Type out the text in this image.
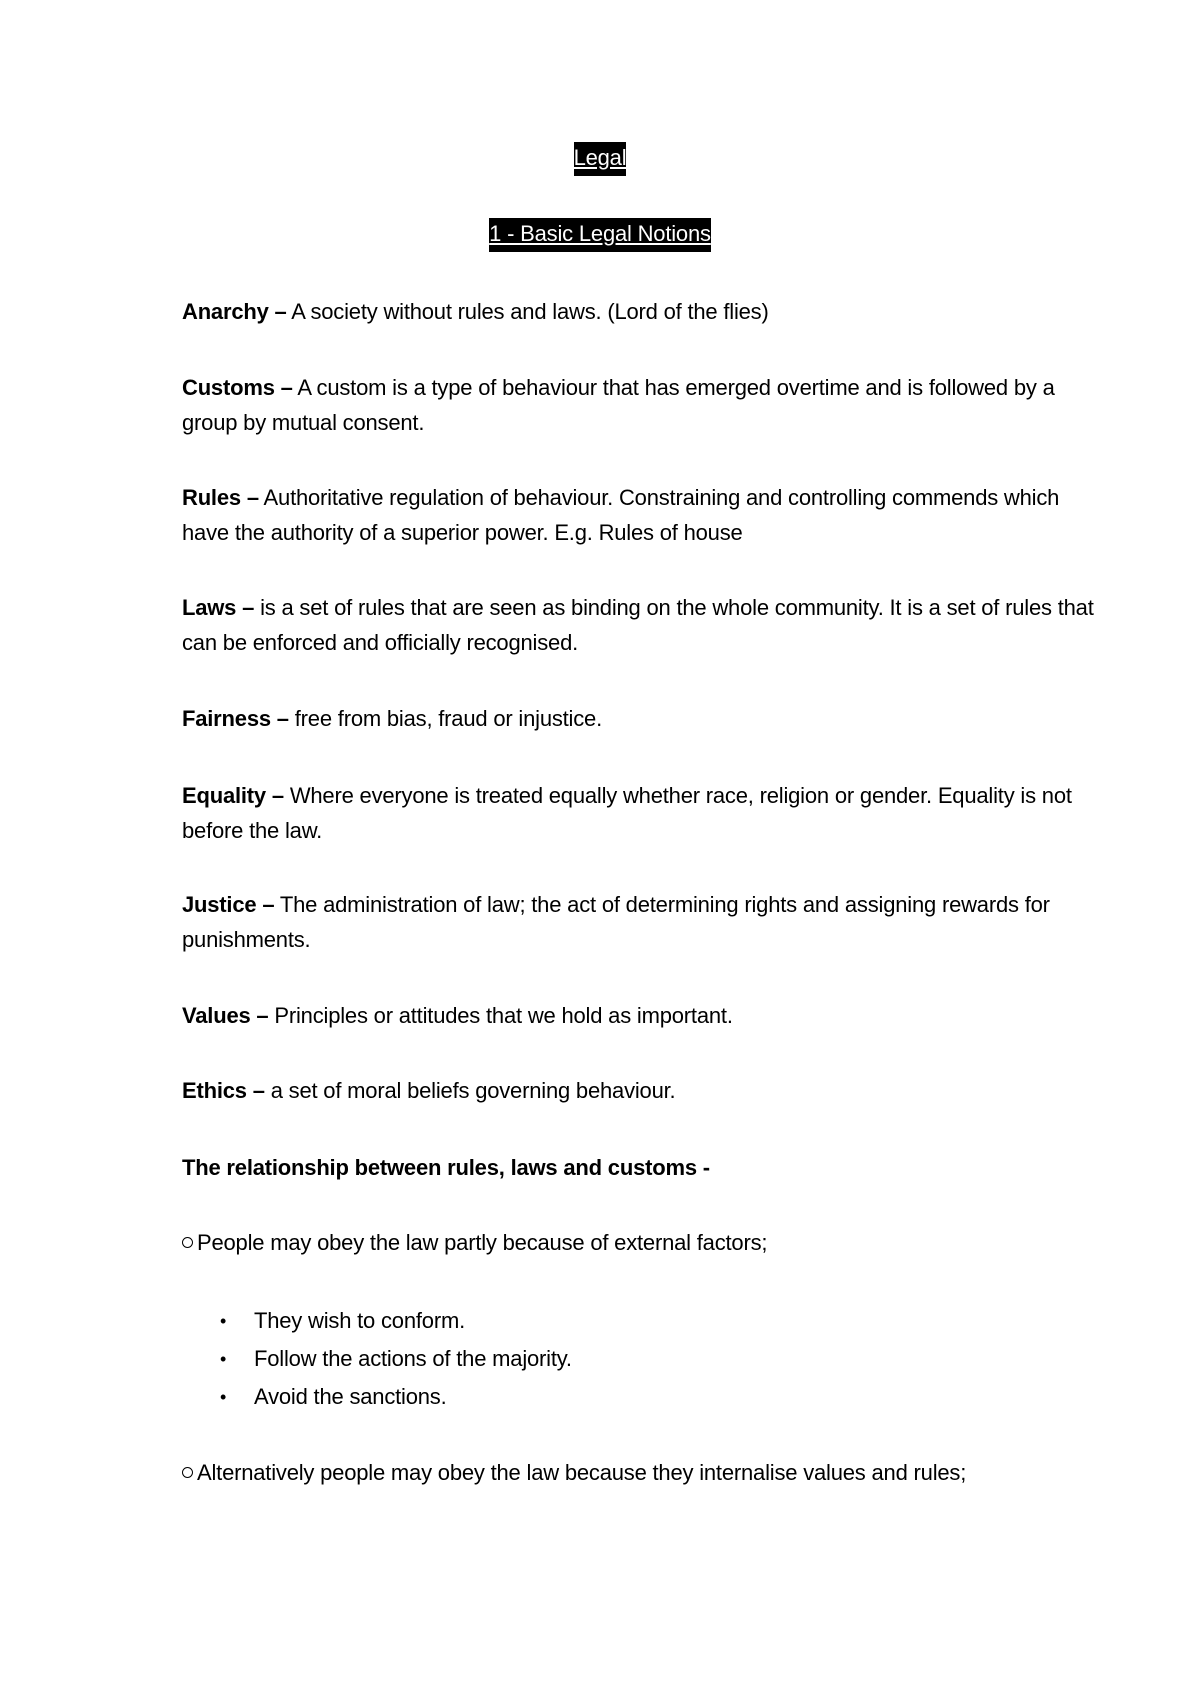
Legal
1 - Basic Legal Notions
Anarchy – A society without rules and laws. (Lord of the flies)
Customs – A custom is a type of behaviour that has emerged overtime and is followed by a group by mutual consent.
Rules – Authoritative regulation of behaviour. Constraining and controlling commends which have the authority of a superior power. E.g. Rules of house
Laws – is a set of rules that are seen as binding on the whole community. It is a set of rules that can be enforced and officially recognised.
Fairness – free from bias, fraud or injustice.
Equality – Where everyone is treated equally whether race, religion or gender. Equality is not before the law.
Justice – The administration of law; the act of determining rights and assigning rewards for punishments.
Values – Principles or attitudes that we hold as important.
Ethics – a set of moral beliefs governing behaviour.
The relationship between rules, laws and customs -
People may obey the law partly because of external factors;
• They wish to conform.
• Follow the actions of the majority.
• Avoid the sanctions.
Alternatively people may obey the law because they internalise values and rules;
